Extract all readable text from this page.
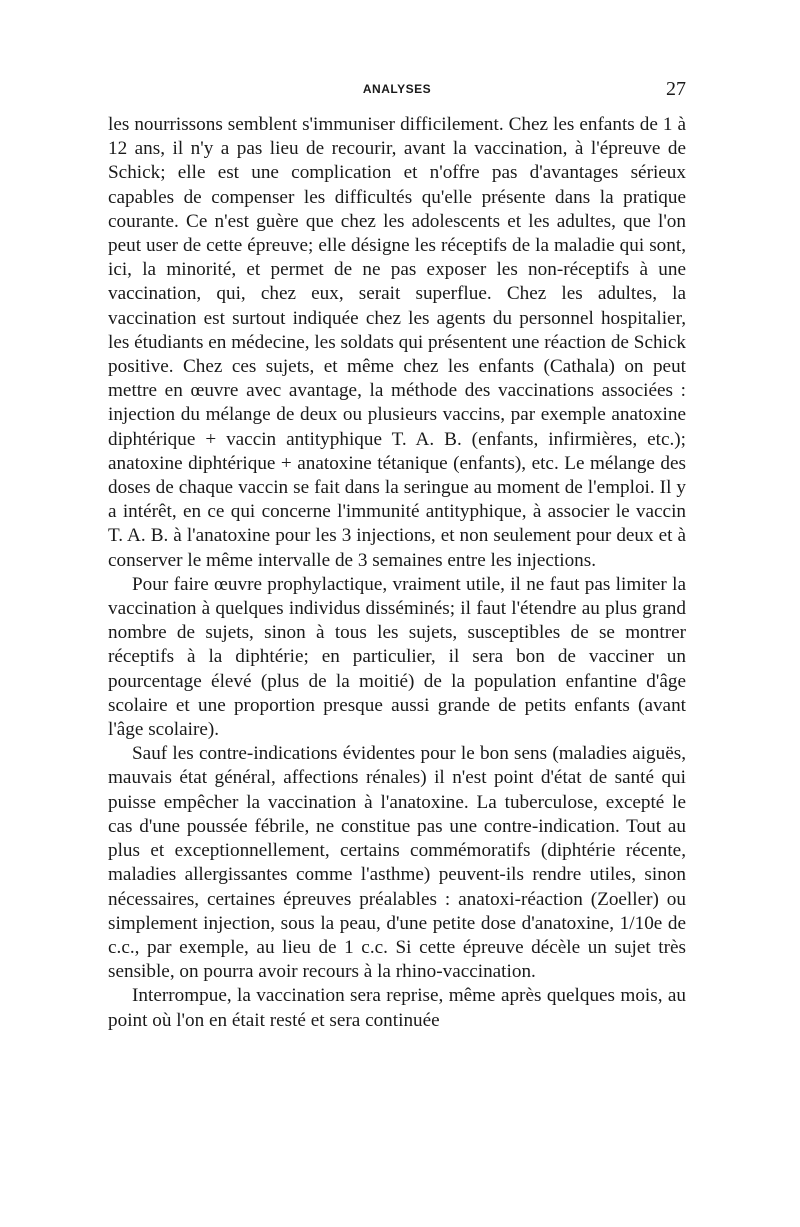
ANALYSES	27

les nourrissons semblent s'immuniser difficilement. Chez les enfants de 1 à 12 ans, il n'y a pas lieu de recourir, avant la vaccination, à l'épreuve de Schick; elle est une complication et n'offre pas d'avantages sérieux capables de compenser les difficultés qu'elle présente dans la pratique courante. Ce n'est guère que chez les adolescents et les adultes, que l'on peut user de cette épreuve; elle désigne les réceptifs de la maladie qui sont, ici, la minorité, et permet de ne pas exposer les non-réceptifs à une vaccination, qui, chez eux, serait superflue. Chez les adultes, la vaccination est surtout indiquée chez les agents du personnel hospitalier, les étudiants en médecine, les soldats qui présentent une réaction de Schick positive. Chez ces sujets, et même chez les enfants (Cathala) on peut mettre en œuvre avec avantage, la méthode des vaccinations associées : injection du mélange de deux ou plusieurs vaccins, par exemple anatoxine diphtérique + vaccin antityphique T. A. B. (enfants, infirmières, etc.); anatoxine diphtérique + anatoxine tétanique (enfants), etc. Le mélange des doses de chaque vaccin se fait dans la seringue au moment de l'emploi. Il y a intérêt, en ce qui concerne l'immunité antityphique, à associer le vaccin T. A. B. à l'anatoxine pour les 3 injections, et non seulement pour deux et à conserver le même intervalle de 3 semaines entre les injections.

Pour faire œuvre prophylactique, vraiment utile, il ne faut pas limiter la vaccination à quelques individus disséminés; il faut l'étendre au plus grand nombre de sujets, sinon à tous les sujets, susceptibles de se montrer réceptifs à la diphtérie; en particulier, il sera bon de vacciner un pourcentage élevé (plus de la moitié) de la population enfantine d'âge scolaire et une proportion presque aussi grande de petits enfants (avant l'âge scolaire).

Sauf les contre-indications évidentes pour le bon sens (maladies aiguës, mauvais état général, affections rénales) il n'est point d'état de santé qui puisse empêcher la vaccination à l'anatoxine. La tuberculose, excepté le cas d'une poussée fébrile, ne constitue pas une contre-indication. Tout au plus et exceptionnellement, certains commémoratifs (diphtérie récente, maladies allergissantes comme l'asthme) peuvent-ils rendre utiles, sinon nécessaires, certaines épreuves préalables : anatoxi-réaction (Zoeller) ou simplement injection, sous la peau, d'une petite dose d'anatoxine, 1/10e de c.c., par exemple, au lieu de 1 c.c. Si cette épreuve décèle un sujet très sensible, on pourra avoir recours à la rhino-vaccination.

Interrompue, la vaccination sera reprise, même après quelques mois, au point où l'on en était resté et sera continuée
